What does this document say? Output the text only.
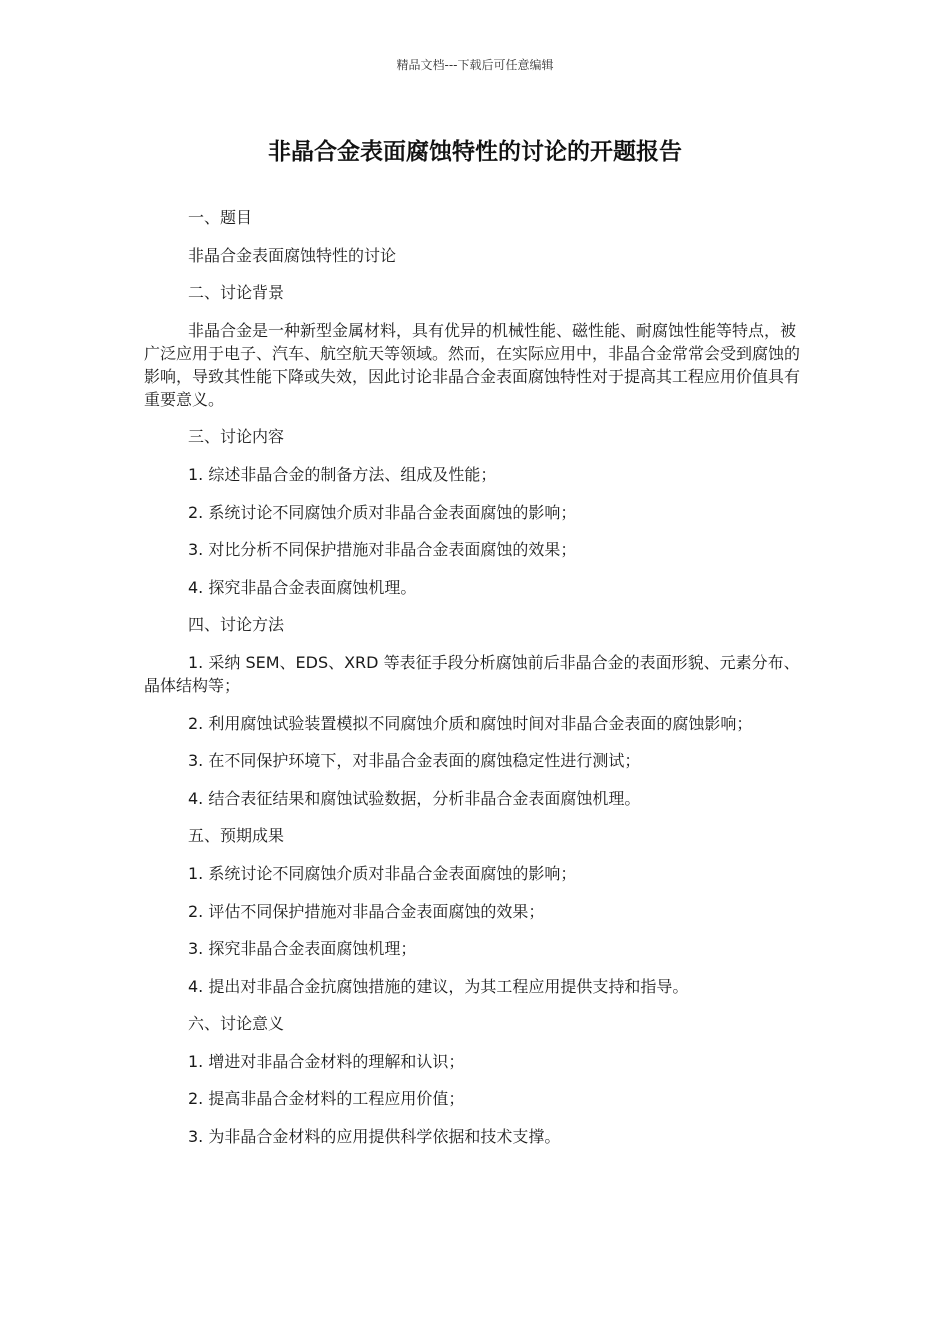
精品文档---下载后可任意编辑
非晶合金表面腐蚀特性的讨论的开题报告

一、题目

非晶合金表面腐蚀特性的讨论

二、讨论背景

非晶合金是一种新型金属材料，具有优异的机械性能、磁性能、耐腐蚀性能等特点，被广泛应用于电子、汽车、航空航天等领域。然而，在实际应用中，非晶合金常常会受到腐蚀的影响，导致其性能下降或失效，因此讨论非晶合金表面腐蚀特性对于提高其工程应用价值具有重要意义。

三、讨论内容

1. 综述非晶合金的制备方法、组成及性能；

2. 系统讨论不同腐蚀介质对非晶合金表面腐蚀的影响；

3. 对比分析不同保护措施对非晶合金表面腐蚀的效果；

4. 探究非晶合金表面腐蚀机理。

四、讨论方法

1. 采纳 SEM、EDS、XRD 等表征手段分析腐蚀前后非晶合金的表面形貌、元素分布、晶体结构等；

2. 利用腐蚀试验装置模拟不同腐蚀介质和腐蚀时间对非晶合金表面的腐蚀影响；

3. 在不同保护环境下，对非晶合金表面的腐蚀稳定性进行测试；

4. 结合表征结果和腐蚀试验数据，分析非晶合金表面腐蚀机理。

五、预期成果

1. 系统讨论不同腐蚀介质对非晶合金表面腐蚀的影响；

2. 评估不同保护措施对非晶合金表面腐蚀的效果；

3. 探究非晶合金表面腐蚀机理；

4. 提出对非晶合金抗腐蚀措施的建议，为其工程应用提供支持和指导。

六、讨论意义

1. 增进对非晶合金材料的理解和认识；

2. 提高非晶合金材料的工程应用价值；

3. 为非晶合金材料的应用提供科学依据和技术支撑。
